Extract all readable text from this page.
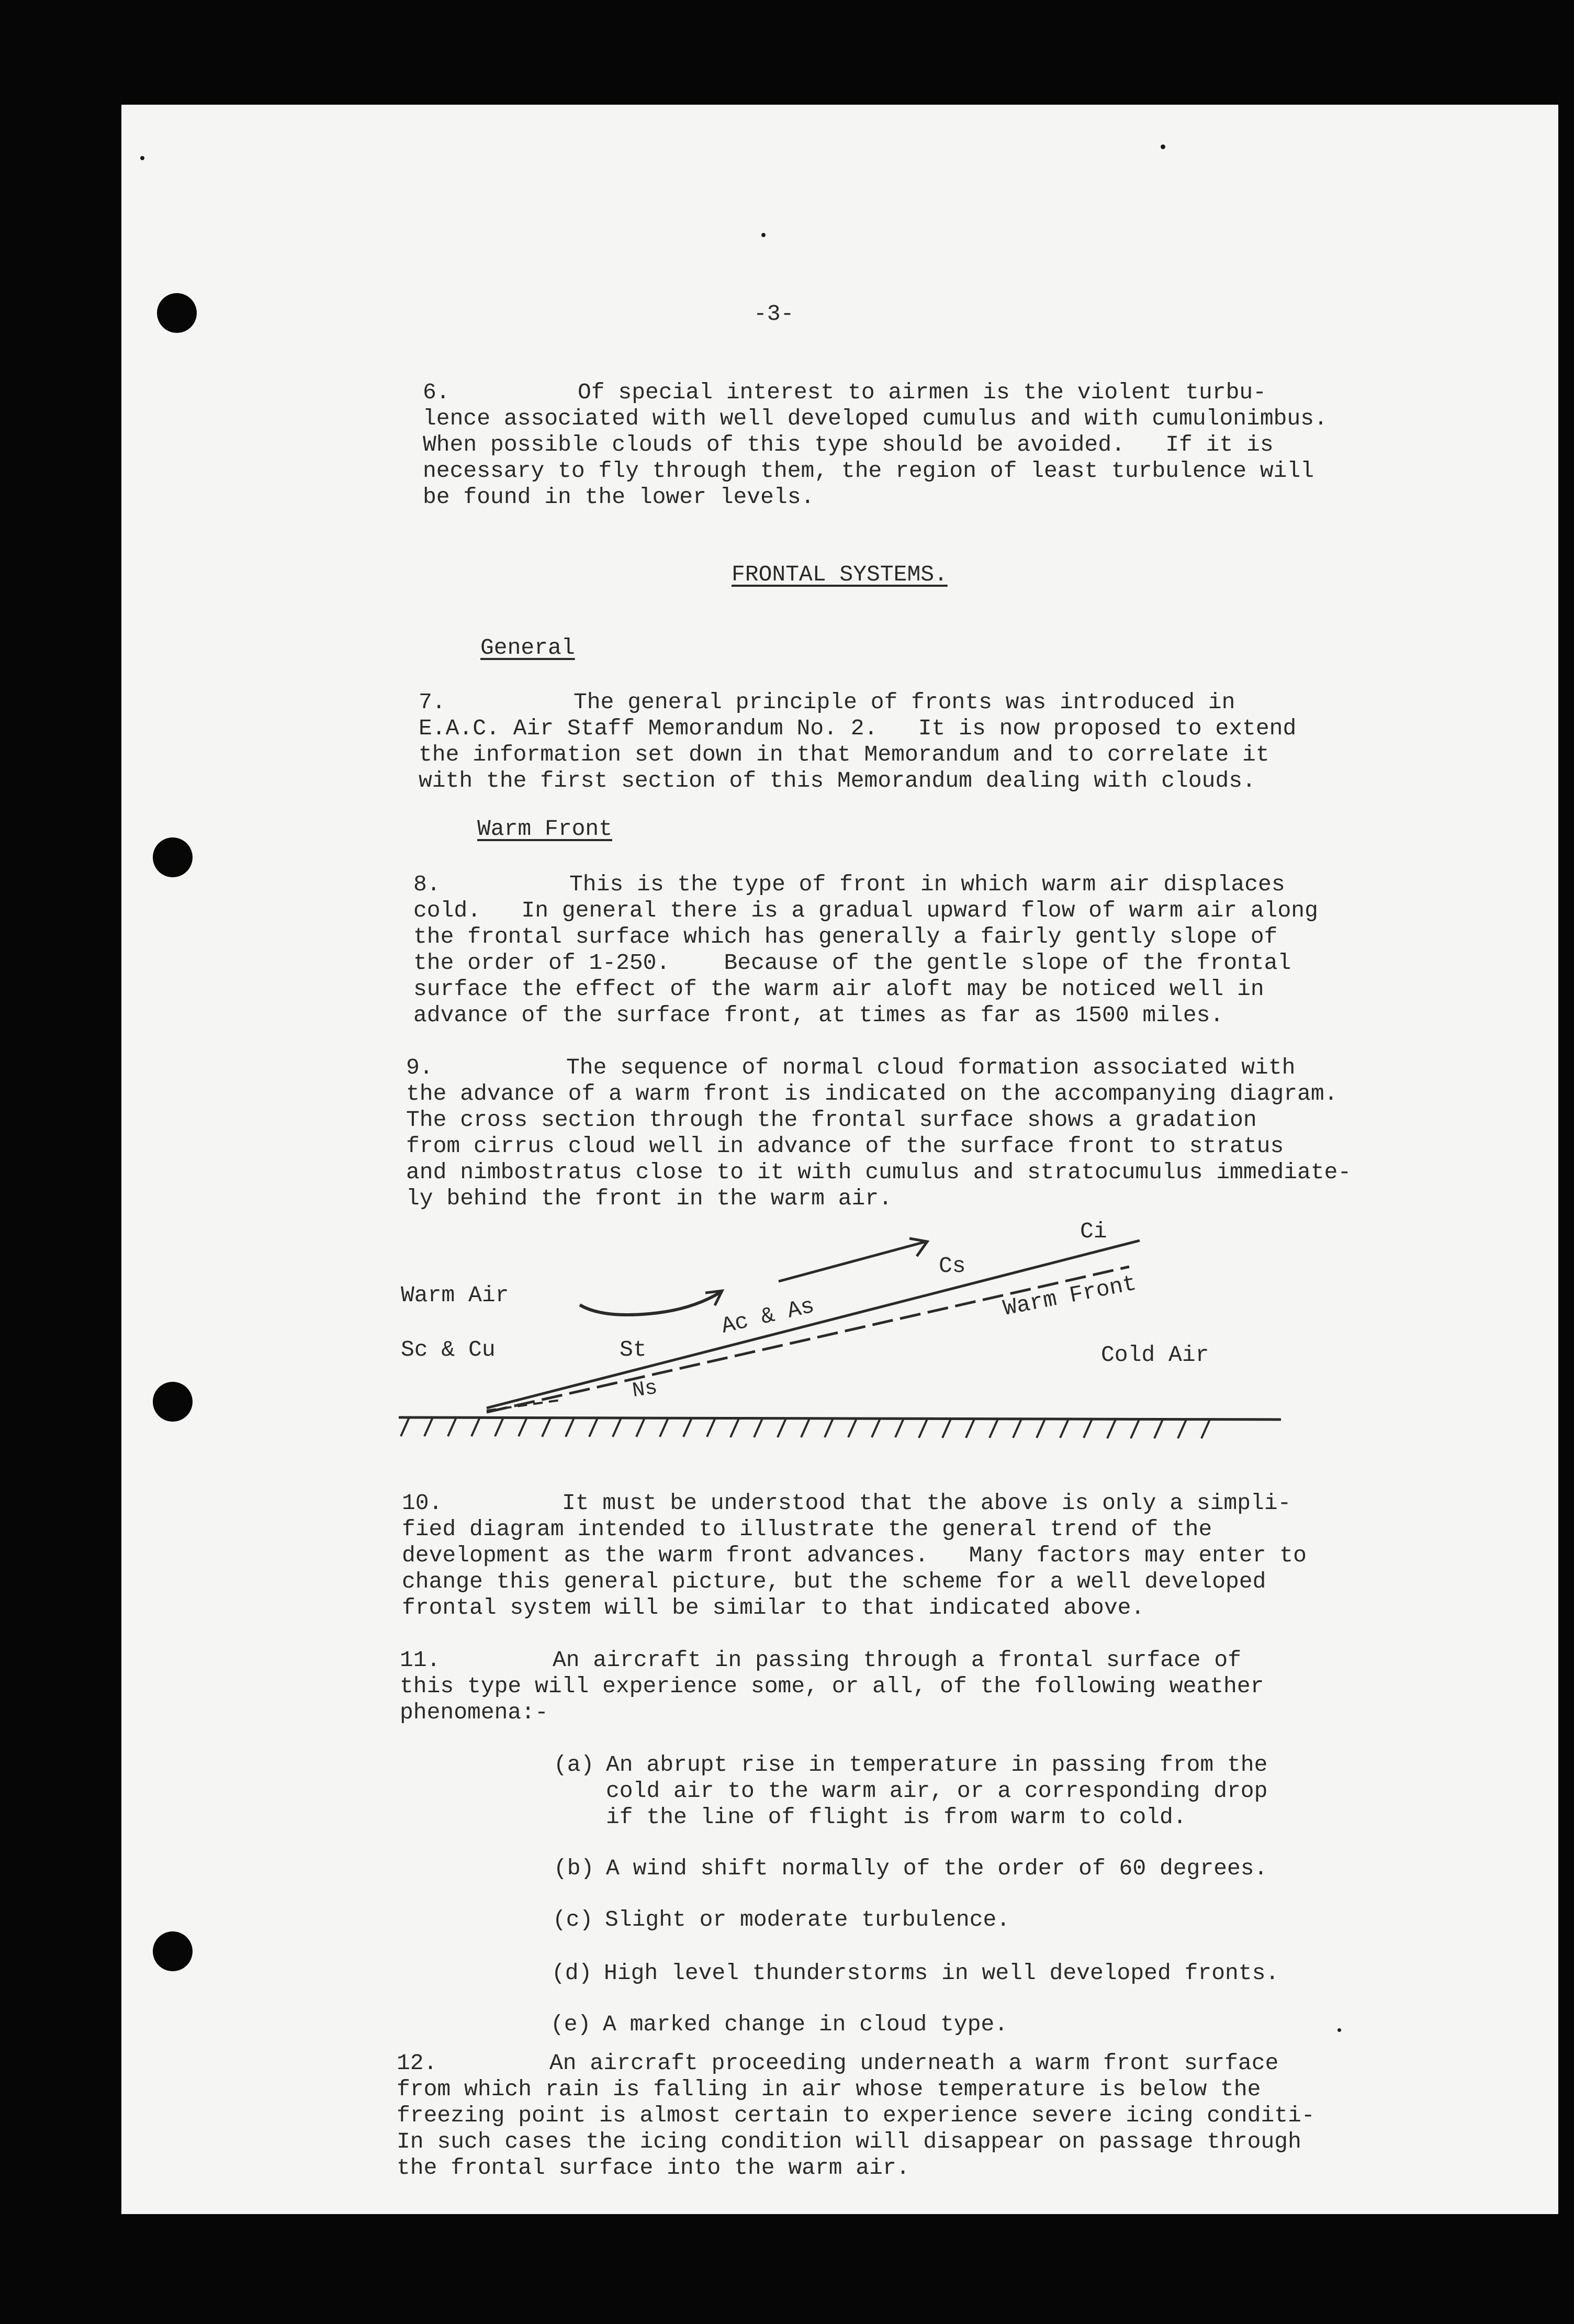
-3-

6.	Of special interest to airmen is the violent turbu-

lence associated with well developed cumulus and with cumulonimbus.

When possible clouds of this type should be avoided.   If it is

necessary to fly through them, the region of least turbulence will

be found in the lower levels.

FRONTAL SYSTEMS.

General

7.	The general principle of fronts was introduced in

E.A.C. Air Staff Memorandum No. 2.   It is now proposed to extend

the information set down in that Memorandum and to correlate it

with the first section of this Memorandum dealing with clouds.

Warm Front

8.	This is the type of front in which warm air displaces

cold.   In general there is a gradual upward flow of warm air along

the frontal surface which has generally a fairly gently slope of

the order of 1-250.    Because of the gentle slope of the frontal

surface the effect of the warm air aloft may be noticed well in

advance of the surface front, at times as far as 1500 miles.

9.	The sequence of normal cloud formation associated with

the advance of a warm front is indicated on the accompanying diagram.

The cross section through the frontal surface shows a gradation

from cirrus cloud well in advance of the surface front to stratus

and nimbostratus close to it with cumulus and stratocumulus immediate-

ly behind the front in the warm air.

Warm Air
Sc & Cu	St
Ns
Ac & As
Cs
Ci
Warm Front
Cold Air

10.	It must be understood that the above is only a simpli-

fied diagram intended to illustrate the general trend of the

development as the warm front advances.   Many factors may enter to

change this general picture, but the scheme for a well developed

frontal system will be similar to that indicated above.

11.	An aircraft in passing through a frontal surface of

this type will experience some, or all, of the following weather

phenomena:-

(a) An abrupt rise in temperature in passing from the

cold air to the warm air, or a corresponding drop

if the line of flight is from warm to cold.

(b) A wind shift normally of the order of 60 degrees.

(c) Slight or moderate turbulence.

(d) High level thunderstorms in well developed fronts.

(e) A marked change in cloud type.

12.	An aircraft proceeding underneath a warm front surface

from which rain is falling in air whose temperature is below the

freezing point is almost certain to experience severe icing conditi-

In such cases the icing condition will disappear on passage through

the frontal surface into the warm air.
